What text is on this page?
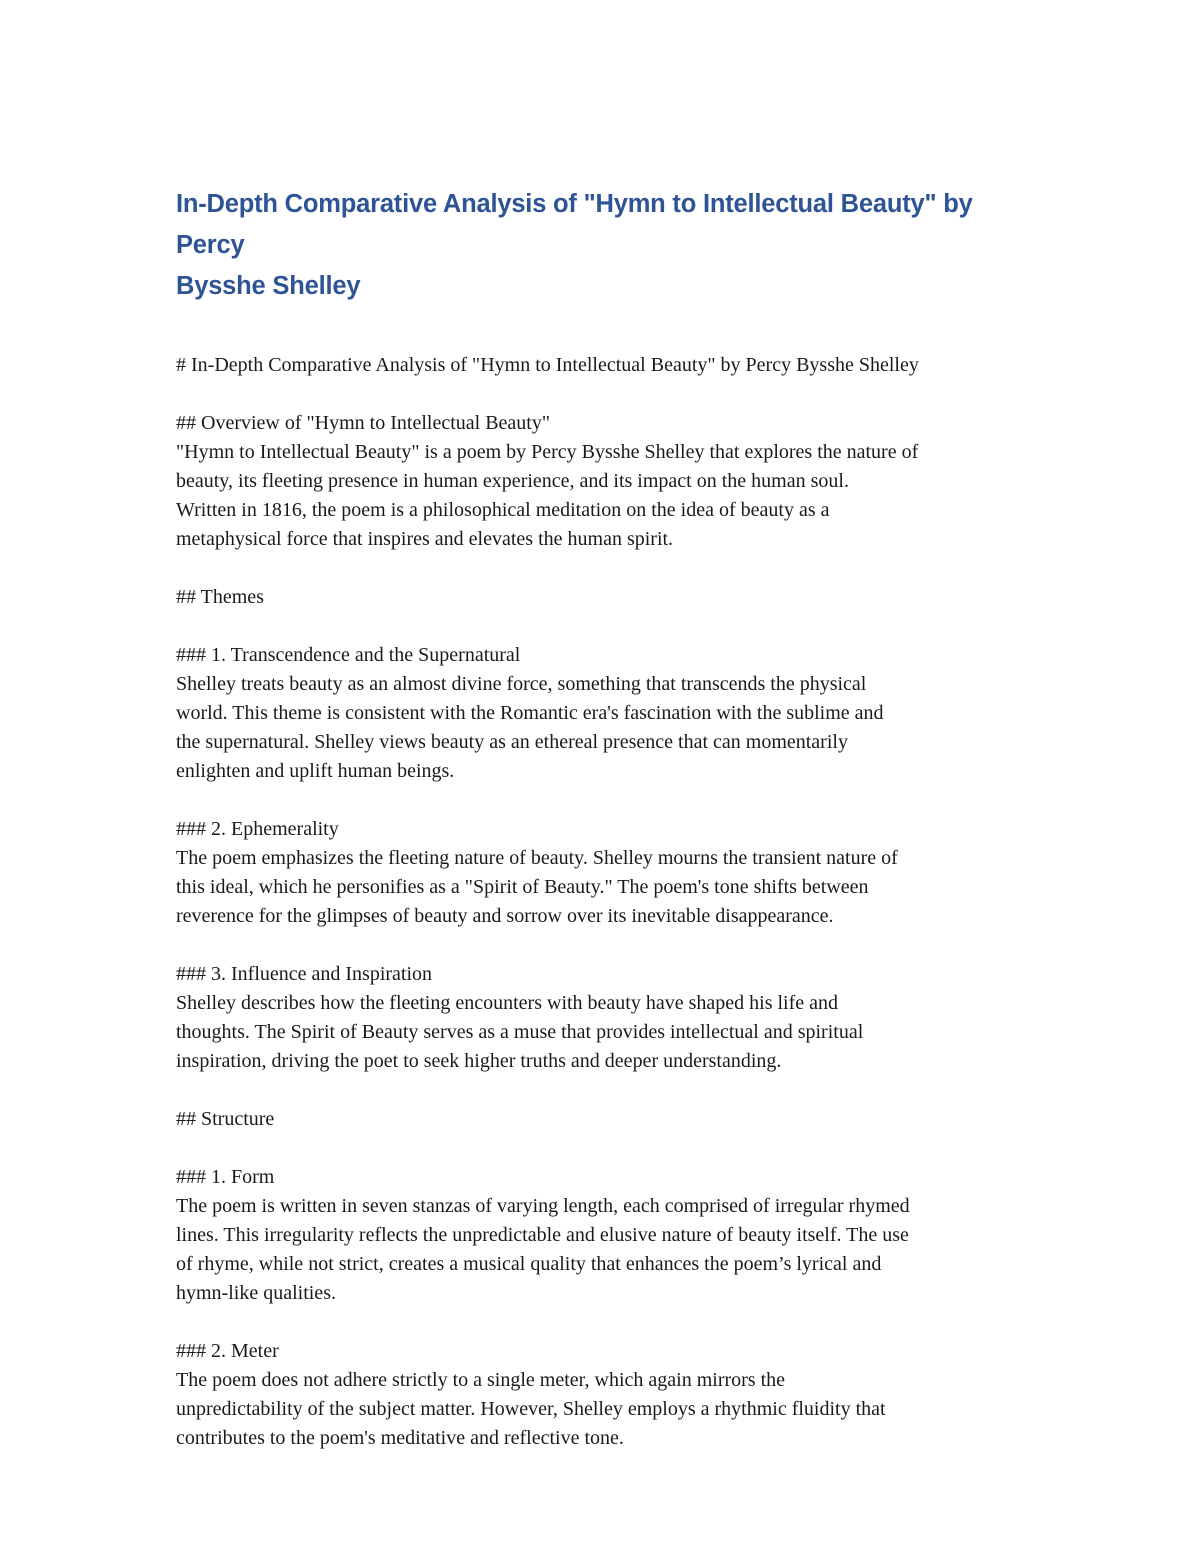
In-Depth Comparative Analysis of "Hymn to Intellectual Beauty" by Percy
Bysshe Shelley
# In-Depth Comparative Analysis of "Hymn to Intellectual Beauty" by Percy Bysshe Shelley
## Overview of "Hymn to Intellectual Beauty"
"Hymn to Intellectual Beauty" is a poem by Percy Bysshe Shelley that explores the nature of
beauty, its fleeting presence in human experience, and its impact on the human soul.
Written in 1816, the poem is a philosophical meditation on the idea of beauty as a
metaphysical force that inspires and elevates the human spirit.
## Themes
### 1. Transcendence and the Supernatural
Shelley treats beauty as an almost divine force, something that transcends the physical
world. This theme is consistent with the Romantic era's fascination with the sublime and
the supernatural. Shelley views beauty as an ethereal presence that can momentarily
enlighten and uplift human beings.
### 2. Ephemerality
The poem emphasizes the fleeting nature of beauty. Shelley mourns the transient nature of
this ideal, which he personifies as a "Spirit of Beauty." The poem's tone shifts between
reverence for the glimpses of beauty and sorrow over its inevitable disappearance.
### 3. Influence and Inspiration
Shelley describes how the fleeting encounters with beauty have shaped his life and
thoughts. The Spirit of Beauty serves as a muse that provides intellectual and spiritual
inspiration, driving the poet to seek higher truths and deeper understanding.
## Structure
### 1. Form
The poem is written in seven stanzas of varying length, each comprised of irregular rhymed
lines. This irregularity reflects the unpredictable and elusive nature of beauty itself. The use
of rhyme, while not strict, creates a musical quality that enhances the poem’s lyrical and
hymn-like qualities.
### 2. Meter
The poem does not adhere strictly to a single meter, which again mirrors the
unpredictability of the subject matter. However, Shelley employs a rhythmic fluidity that
contributes to the poem's meditative and reflective tone.
